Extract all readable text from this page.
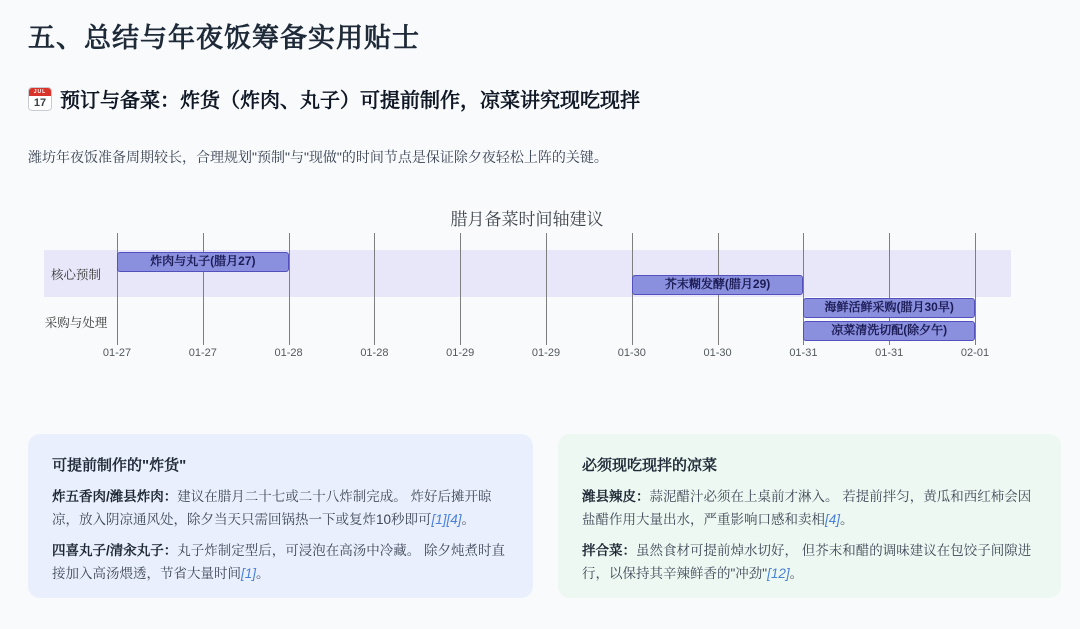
五、总结与年夜饭筹备实用贴士
JUL
17 预订与备菜：炸货（炸肉、丸子）可提前制作，凉菜讲究现吃现拌

潍坊年夜饭准备周期较长，合理规划"预制"与"现做"的时间节点是保证除夕夜轻松上阵的关键。

腊月备菜时间轴建议
01-27	01-27	01-28	01-28	01-29	01-29	01-30	01-30	01-31	01-31	02-01
核心预制
采购与处理
炸肉与丸子(腊月27)
芥末糊发酵(腊月29)
海鲜活鲜采购(腊月30早)
凉菜清洗切配(除夕午)
可提前制作的"炸货"

炸五香肉/潍县炸肉：建议在腊月二十七或二十八炸制完成。 炸好后摊开晾凉，放入阴凉通风处，除夕当天只需回锅热一下或复炸10秒即可[1][4]。

四喜丸子/清汆丸子：丸子炸制定型后，可浸泡在高汤中冷藏。 除夕炖煮时直接加入高汤煨透，节省大量时间[1]。

必须现吃现拌的凉菜

潍县辣皮：蒜泥醋汁必须在上桌前才淋入。 若提前拌匀，黄瓜和西红柿会因盐醋作用大量出水，严重影响口感和卖相[4]。

拌合菜：虽然食材可提前焯水切好， 但芥末和醋的调味建议在包饺子间隙进行，以保持其辛辣鲜香的"冲劲"[12]。
